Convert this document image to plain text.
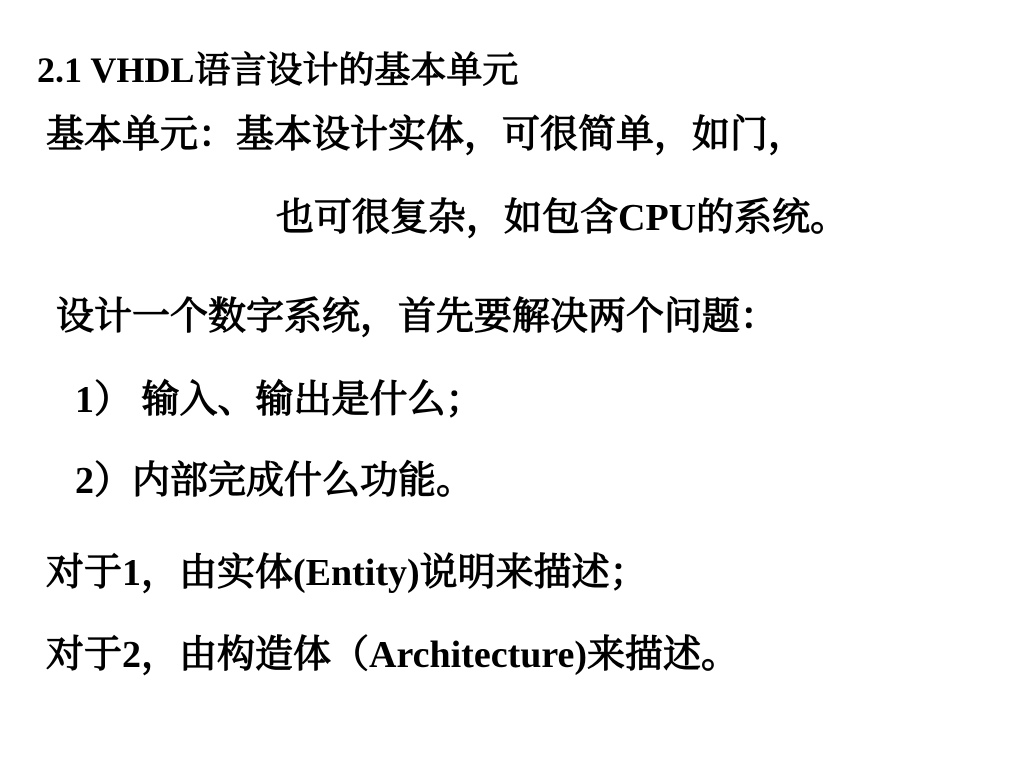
2.1 VHDL语言设计的基本单元
基本单元：基本设计实体，可很简单，如门，
也可很复杂，如包含CPU的系统。
设计一个数字系统，首先要解决两个问题：
1） 输入、输出是什么；
2）内部完成什么功能。
对于1，由实体(Entity)说明来描述；
对于2，由构造体（Architecture)来描述。
